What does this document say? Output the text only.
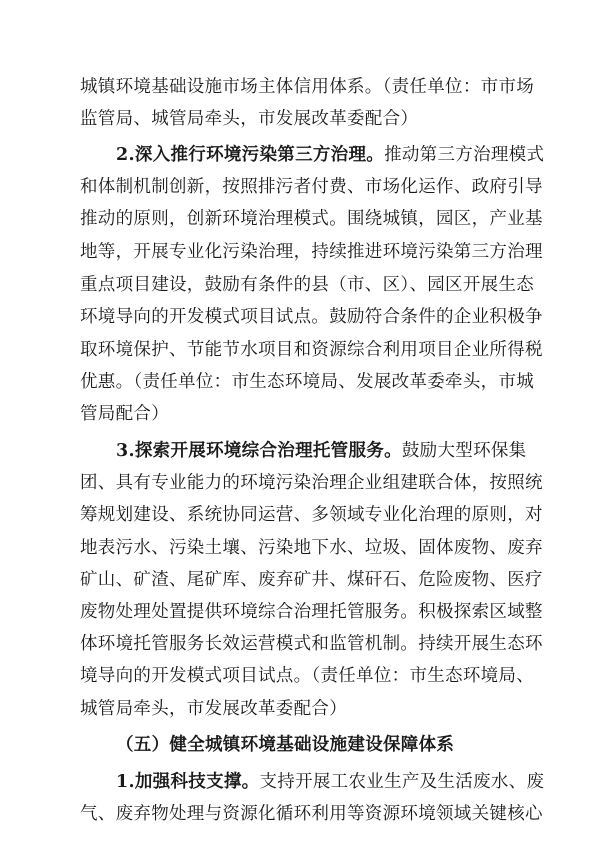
城镇环境基础设施市场主体信用体系。（责任单位：市市场
监管局、城管局牵头，市发展改革委配合）
2.深入推行环境污染第三方治理。推动第三方治理模式
和体制机制创新，按照排污者付费、市场化运作、政府引导
推动的原则，创新环境治理模式。围绕城镇，园区，产业基
地等，开展专业化污染治理，持续推进环境污染第三方治理
重点项目建设，鼓励有条件的县（市、区）、园区开展生态
环境导向的开发模式项目试点。鼓励符合条件的企业积极争
取环境保护、节能节水项目和资源综合利用项目企业所得税
优惠。（责任单位：市生态环境局、发展改革委牵头，市城
管局配合）
3.探索开展环境综合治理托管服务。鼓励大型环保集
团、具有专业能力的环境污染治理企业组建联合体，按照统
筹规划建设、系统协同运营、多领域专业化治理的原则，对
地表污水、污染土壤、污染地下水、垃圾、固体废物、废弃
矿山、矿渣、尾矿库、废弃矿井、煤矸石、危险废物、医疗
废物处理处置提供环境综合治理托管服务。积极探索区域整
体环境托管服务长效运营模式和监管机制。持续开展生态环
境导向的开发模式项目试点。（责任单位：市生态环境局、
城管局牵头，市发展改革委配合）
（五）健全城镇环境基础设施建设保障体系
1.加强科技支撑。支持开展工农业生产及生活废水、废
气、废弃物处理与资源化循环利用等资源环境领域关键核心
